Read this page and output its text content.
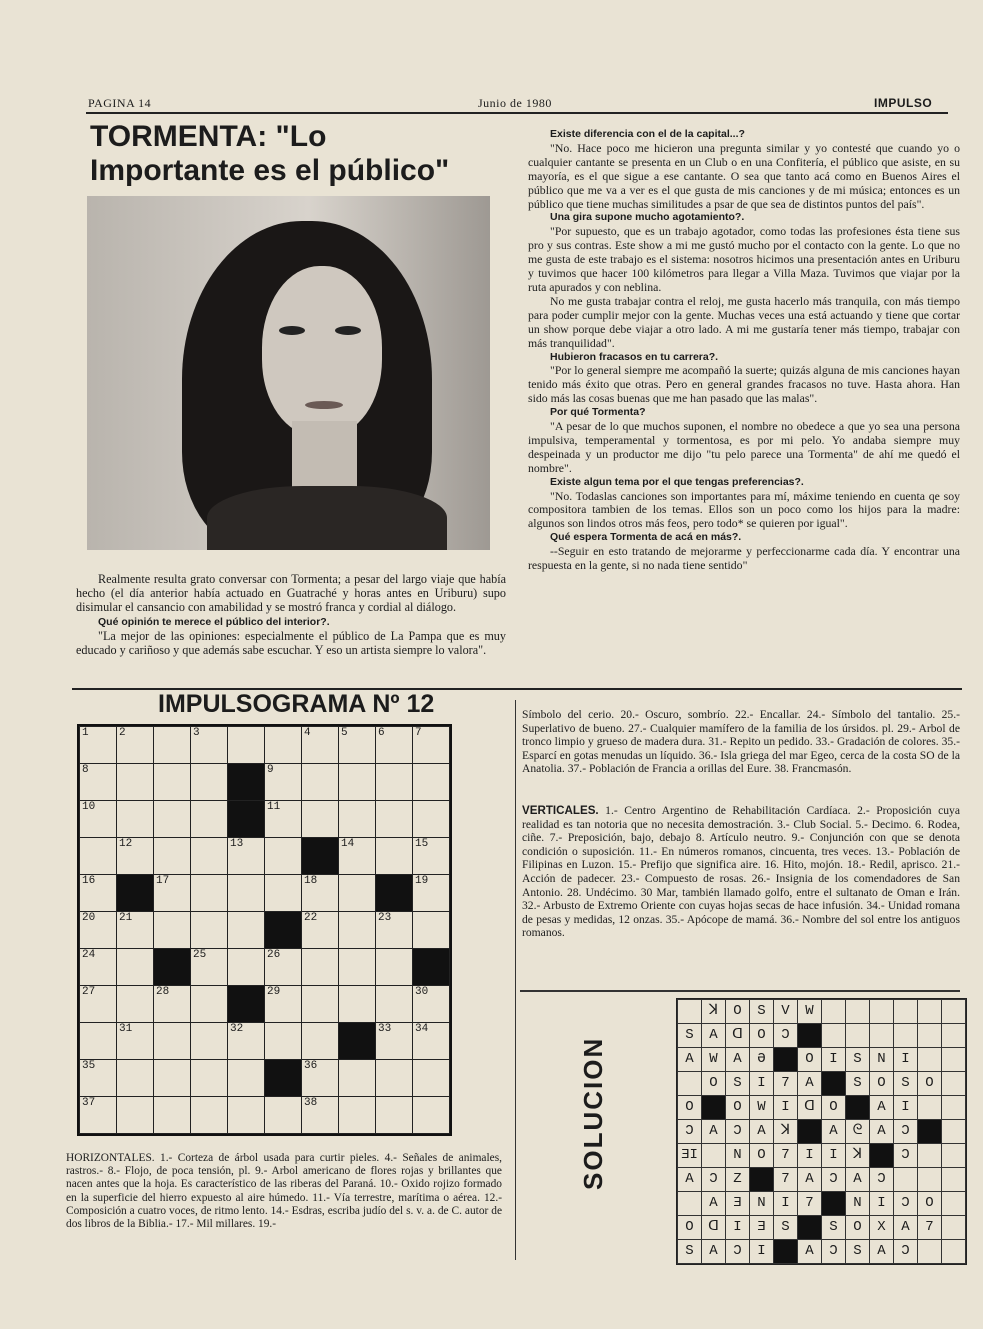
PAGINA 14	Junio de 1980	IMPULSO
TORMENTA: "Lo
Importante es el público"

Realmente resulta grato conversar con Tormenta; a pesar del largo viaje que había hecho (el día anterior había actuado en Guatraché y horas antes en Uriburu) supo disimular el cansancio con amabilidad y se mostró franca y cordial al diálogo.

Qué opinión te merece el público del interior?.

"La mejor de las opiniones: especialmente el público de La Pampa que es muy educado y cariñoso y que además sabe escuchar. Y eso un artista siempre lo valora".

Existe diferencia con el de la capital...?

"No. Hace poco me hicieron una pregunta similar y yo contesté que cuando yo o cualquier cantante se presenta en un Club o en una Confitería, el público que asiste, en su mayoría, es el que sigue a ese cantante. O sea que tanto acá como en Buenos Aires el público que me va a ver es el que gusta de mis canciones y de mi música; entonces es un público que tiene muchas similitudes a psar de que sea de distintos puntos del país".

Una gira supone mucho agotamiento?.

"Por supuesto, que es un trabajo agotador, como todas las profesiones ésta tiene sus pro y sus contras. Este show a mi me gustó mucho por el contacto con la gente. Lo que no me gusta de este trabajo es el sistema: nosotros hicimos una presentación antes en Uriburu y tuvimos que hacer 100 kilómetros para llegar a Villa Maza. Tuvimos que viajar por la ruta apurados y con neblina.

No me gusta trabajar contra el reloj, me gusta hacerlo más tranquila, con más tiempo para poder cumplir mejor con la gente. Muchas veces una está actuando y tiene que cortar un show porque debe viajar a otro lado. A mi me gustaría tener más tiempo, trabajar con más tranquilidad".

Hubieron fracasos en tu carrera?.

"Por lo general siempre me acompañó la suerte; quizás alguna de mis canciones hayan tenido más éxito que otras. Pero en general grandes fracasos no tuve. Hasta ahora. Han sido más las cosas buenas que me han pasado que las malas".

Por qué Tormenta?

"A pesar de lo que muchos suponen, el nombre no obedece a que yo sea una persona impulsiva, temperamental y tormentosa, es por mi pelo. Yo andaba siempre muy despeinada y un productor me dijo "tu pelo parece una Tormenta" de ahí me quedó el nombre".

Existe algun tema por el que tengas preferencias?.

"No. Todaslas canciones son importantes para mí, máxime teniendo en cuenta qe soy compositora tambien de los temas. Ellos son un poco como los hijos para la madre: algunos son lindos otros más feos, pero todo* se quieren por igual".

Qué espera Tormenta de acá en más?.

--Seguir en esto tratando de mejorarme y perfeccionarme cada día. Y encontrar una respuesta en la gente, si no nada tiene sentido"

IMPULSOGRAMA Nº 12
1	2		3			4	5	6	7

8					9				

10					11				

	12			13			14		15

16		17				18			19

20	21					22		23	

24			25		26				

27		28			29				30

	31			32				33	34

35						36			

37						38			

HORIZONTALES. 1.- Corteza de árbol usada para curtir pieles. 4.- Señales de animales, rastros.- 8.- Flojo, de poca tensión, pl. 9.- Arbol americano de flores rojas y brillantes que nacen antes que la hoja. Es característico de las riberas del Paraná. 10.- Oxido rojizo formado en la superficie del hierro expuesto al aire húmedo. 11.- Vía terrestre, marítima o aérea. 12.- Composición a cuatro voces, de ritmo lento. 14.- Esdras, escriba judío del s. v. a. de C. autor de dos libros de la Biblia.- 17.- Mil millares. 19.-

Símbolo del cerio. 20.- Oscuro, sombrío. 22.- Encallar. 24.- Símbolo del tantalio. 25.- Superlativo de bueno. 27.- Cualquier mamífero de la familia de los úrsidos. pl. 29.- Arbol de tronco limpio y grueso de madera dura. 31.- Repito un pedido. 33.- Gradación de colores. 35.- Esparcí en gotas menudas un líquido. 36.- Isla griega del mar Egeo, cerca de la costa SO de la Anatolia. 37.- Población de Francia a orillas del Eure. 38. Francmasón.

VERTICALES. 1.- Centro Argentino de Rehabilitación Cardíaca. 2.- Proposición cuya realidad es tan notoria que no necesita demostración. 3.- Club Social. 5.- Decimo. 6. Rodea, ciñe. 7.- Preposición, bajo, debajo 8. Artículo neutro. 9.- Conjunción con que se denota condición o suposición. 11.- En números romanos, cincuenta, tres veces. 13.- Población de Filipinas en Luzon. 15.- Prefijo que significa aire. 16. Hito, mojón. 18.- Redil, aprisco. 21.- Acción de padecer. 23.- Compuesto de rosas. 26.- Insignia de los comendadores de San Antonio. 28. Undécimo. 30 Mar, también llamado golfo, entre el sultanato de Oman e Irán. 32.- Arbusto de Extremo Oriente con cuyas hojas secas de hace infusión. 34.- Unidad romana de pesas y medidas, 12 onzas. 35.- Apócope de mamá. 36.- Nombre del sol entre los antiguos romanos.

SOLUCION
	ꓘ	O	S	V	W						
S	A	ᗡ	O	Ɔ							
A	W	A	Ә		O	I	S	N	I		
	O	S	I	7	A		S	O	S	O	
O		O	W	I	ꓷ	O		A	I		
Ɔ	A	Ɔ	A	ꓘ		A	ᘓ	A	Ɔ		
ƎI		N	O	7	I	I	ꓘ		Ɔ		
A	Ɔ	Z		7	A	Ɔ	A	Ɔ			
	A	Ǝ	N	I	7		N	I	Ɔ	O	
O	ᗡ	I	Ǝ	S		S	O	X	A	7	
S	A	Ɔ	I		A	Ɔ	S	A	Ɔ		
